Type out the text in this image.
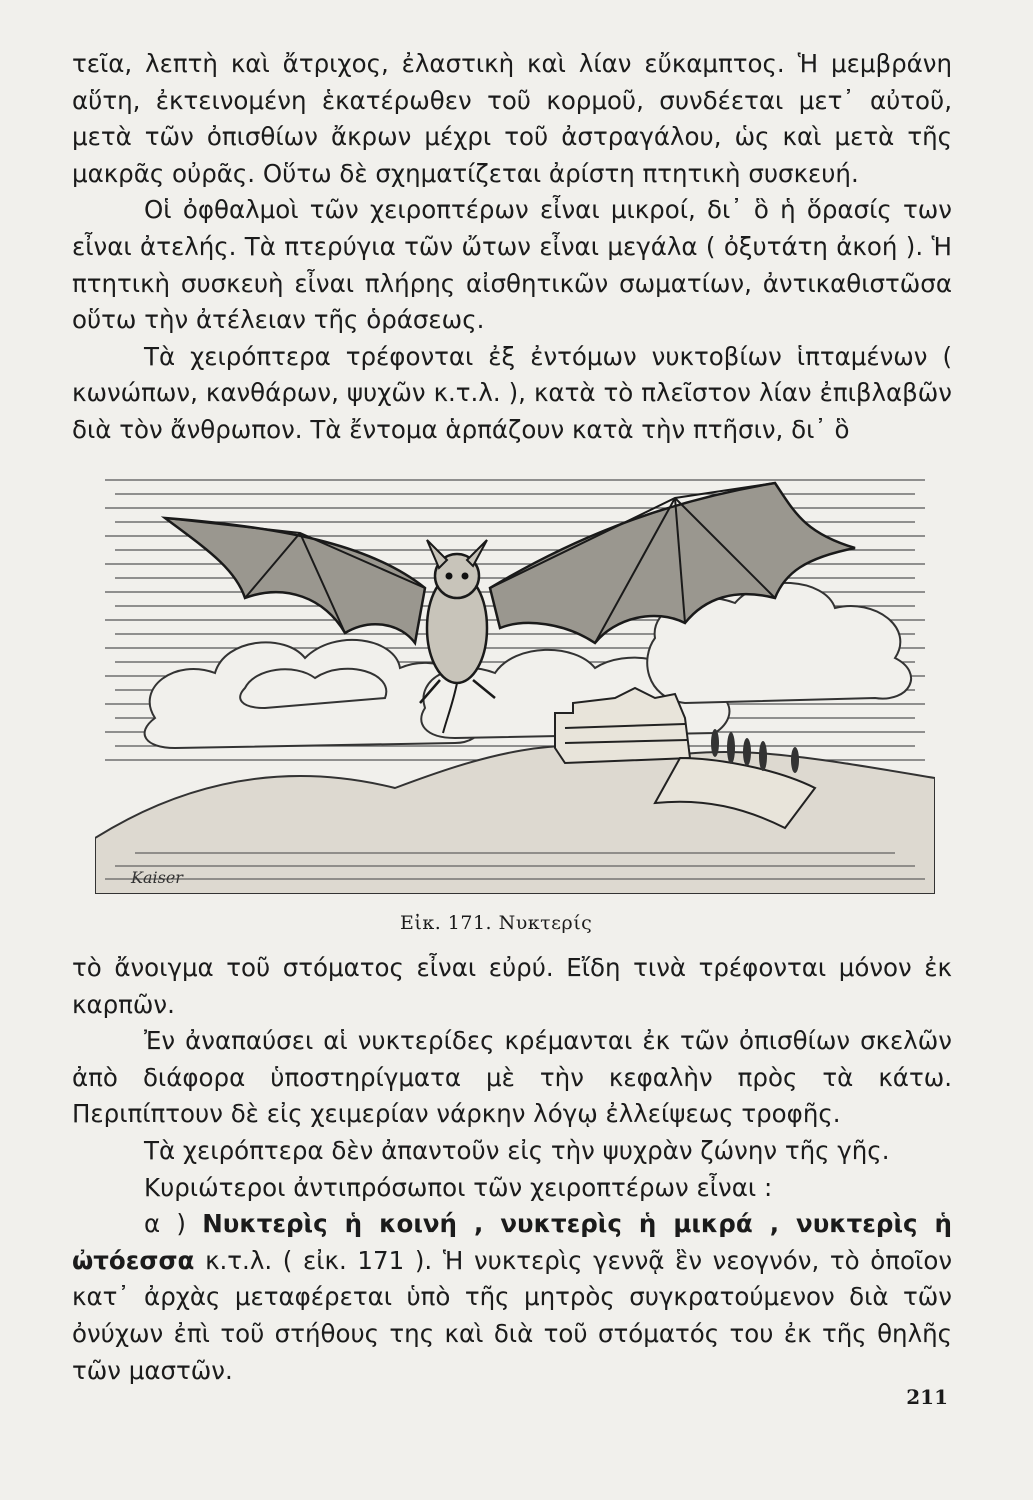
τεῖα, λεπτὴ καὶ ἄτριχος, ἐλαστικὴ καὶ λίαν εὔκαμπτος. Ἡ μεμβράνη αὕτη, ἐκτεινομένη ἑκατέρωθεν τοῦ κορμοῦ, συνδέεται μετ᾽ αὐτοῦ, μετὰ τῶν ὀπισθίων ἄκρων μέχρι τοῦ ἀστραγάλου, ὡς καὶ μετὰ τῆς μακρᾶς οὐρᾶς. Οὕτω δὲ σχηματίζεται ἀρίστη πτητικὴ συσκευή.

Οἱ ὀφθαλμοὶ τῶν χειροπτέρων εἶναι μικροί, δι᾽ ὃ ἡ ὅρασίς των εἶναι ἀτελής. Τὰ πτερύγια τῶν ὤτων εἶναι μεγάλα ( ὀξυτάτη ἀκοή ). Ἡ πτητικὴ συσκευὴ εἶναι πλήρης αἰσθητικῶν σωματίων, ἀντικαθιστῶσα οὕτω τὴν ἀτέλειαν τῆς ὁράσεως.

Τὰ χειρόπτερα τρέφονται ἐξ ἐντόμων νυκτοβίων ἱπταμένων ( κωνώπων, κανθάρων, ψυχῶν κ.τ.λ. ), κατὰ τὸ πλεῖστον λίαν ἐπιβλαβῶν διὰ τὸν ἄνθρωπον. Τὰ ἔντομα ἁρπάζουν κατὰ τὴν πτῆσιν, δι᾽ ὃ

Kaiser
Εἰκ. 171. Νυκτερίς

τὸ ἄνοιγμα τοῦ στόματος εἶναι εὐρύ. Εἴδη τινὰ τρέφονται μόνον ἐκ καρπῶν.

Ἐν ἀναπαύσει αἱ νυκτερίδες κρέμανται ἐκ τῶν ὀπισθίων σκελῶν ἀπὸ διάφορα ὑποστηρίγματα μὲ τὴν κεφαλὴν πρὸς τὰ κάτω. Περιπίπτουν δὲ εἰς χειμερίαν νάρκην λόγῳ ἐλλείψεως τροφῆς.

Τὰ χειρόπτερα δὲν ἀπαντοῦν εἰς τὴν ψυχρὰν ζώνην τῆς γῆς.

Κυριώτεροι ἀντιπρόσωποι τῶν χειροπτέρων εἶναι :

α ) Νυκτερὶς ἡ κοινή , νυκτερὶς ἡ μικρά , νυκτερὶς ἡ ὠτόεσσα κ.τ.λ. ( εἰκ. 171 ). Ἡ νυκτερὶς γεννᾷ ἓν νεογνόν, τὸ ὁποῖον κατ᾽ ἀρχὰς μεταφέρεται ὑπὸ τῆς μητρὸς συγκρατούμενον διὰ τῶν ὀνύχων ἐπὶ τοῦ στήθους της καὶ διὰ τοῦ στόματός του ἐκ τῆς θηλῆς τῶν μαστῶν.

211
